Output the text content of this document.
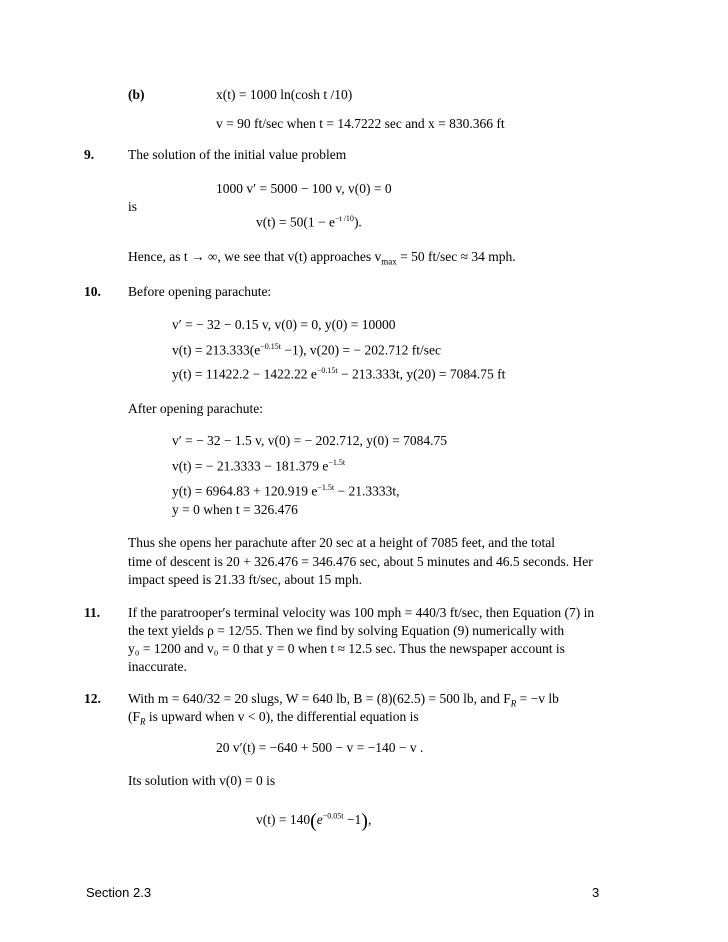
(b)	x(t) = 1000 ln(cosh t /10)
v = 90 ft/sec when t = 14.7222 sec and x = 830.366 ft
9.	The solution of the initial value problem
1000 v′ = 5000 − 100 v, v(0) = 0
is
$v(t) = 50(1 - e^{-t /10})$.
Hence, as t → ∞, we see that v(t) approaches $v_{max} = 50$ ft/sec ≈ 34 mph.
10. Before opening parachute:
v′ = − 32 − 0.15 v, v(0) = 0, y(0) = 10000
$v(t) = 213.333(e^{-0.15t} -1)$, v(20) = − 202.712 ft/sec
y(t) = 11422.2 − 1422.22 $e^{-0.15t} - 213.333t$, y(20) = 7084.75 ft
After opening parachute:
v′ = − 32 − 1.5 v, v(0) = − 202.712, y(0) = 7084.75
v(t) = − 21.3333 − 181.379 $e^{-1.5t}$
y(t) = 6964.83 + 120.919 $e^{-1.5t} - 21.3333t$,
y = 0 when t = 326.476
Thus she opens her parachute after 20 sec at a height of 7085 feet, and the total
time of descent is 20 + 326.476 = 346.476 sec, about 5 minutes and 46.5 seconds. Her
impact speed is 21.33 ft/sec, about 15 mph.
11. If the paratrooper′s terminal velocity was 100 mph = 440/3 ft/sec, then Equation (7) in
the text yields ρ = 12/55. Then we find by solving Equation (9) numerically with
y₀ = 1200 and v₀ = 0 that y = 0 when t ≈ 12.5 sec. Thus the newspaper account is
inaccurate.
12. With m = 640/32 = 20 slugs, W = 640 lb, B = (8)(62.5) = 500 lb, and $F_R = -v$ lb
($F_R$ is upward when v < 0), the differential equation is
20 v′(t) = −640 + 500 − v = −140 − v .
Its solution with v(0) = 0 is
$v(t) = 140(e^{-0.05t} -1)$,
Section 2.3	3
